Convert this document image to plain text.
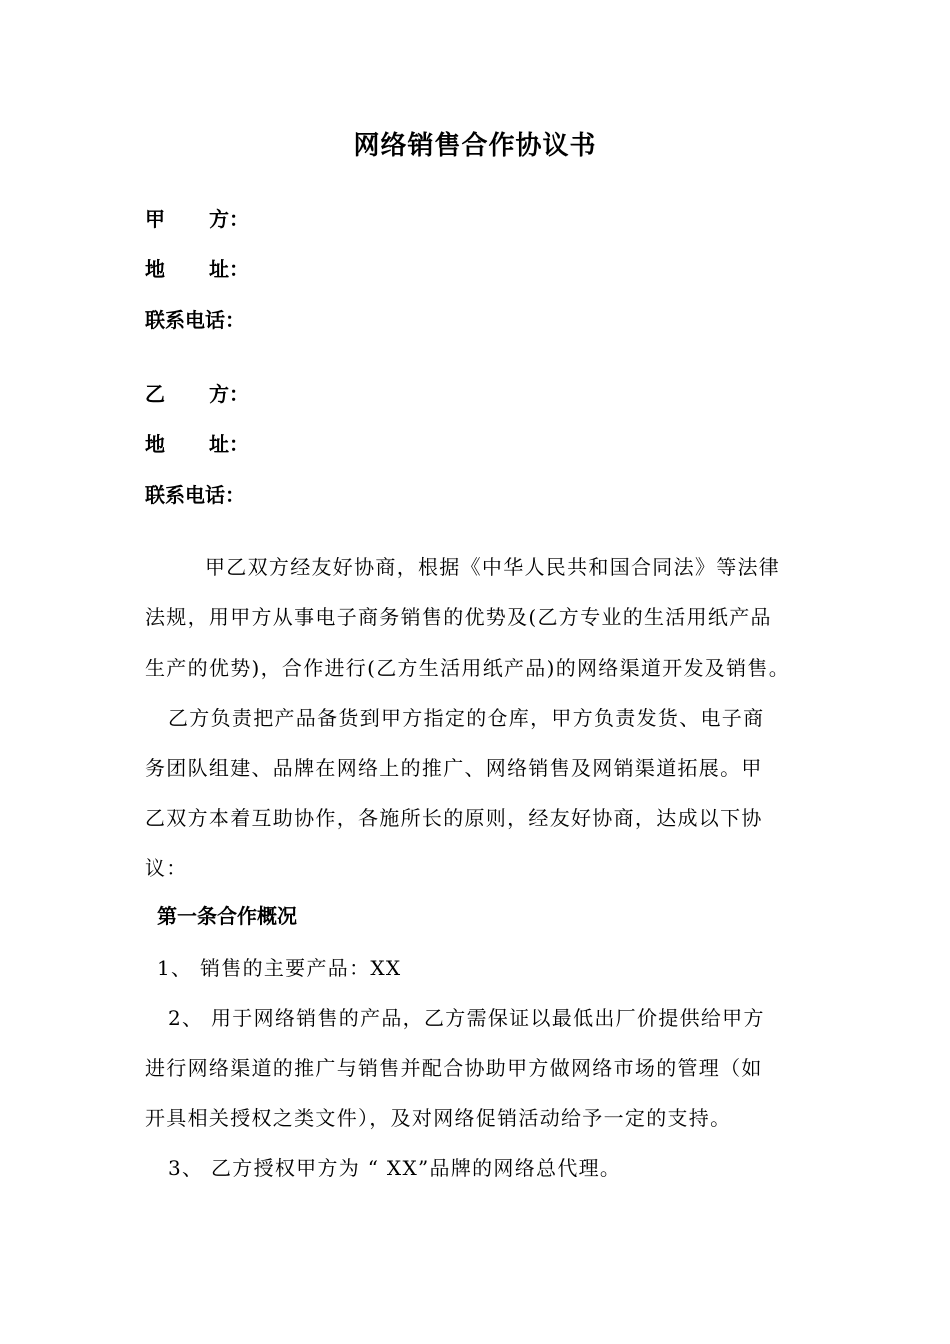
网络销售合作协议书
甲 方：
地 址：
联系电话：
乙 方：
地 址：
联系电话：
甲乙双方经友好协商，根据《中华人民共和国合同法》等法律
法规，用甲方从事电子商务销售的优势及(乙方专业的生活用纸产品
生产的优势)，合作进行(乙方生活用纸产品)的网络渠道开发及销售。
乙方负责把产品备货到甲方指定的仓库，甲方负责发货、电子商
务团队组建、品牌在网络上的推广、网络销售及网销渠道拓展。甲
乙双方本着互助协作，各施所长的原则，经友好协商，达成以下协
议：
第一条合作概况
1、 销售的主要产品：XX
2、 用于网络销售的产品，乙方需保证以最低出厂价提供给甲方
进行网络渠道的推广与销售并配合协助甲方做网络市场的管理（如
开具相关授权之类文件），及对网络促销活动给予一定的支持。
3、 乙方授权甲方为 “ XX”品牌的网络总代理。
